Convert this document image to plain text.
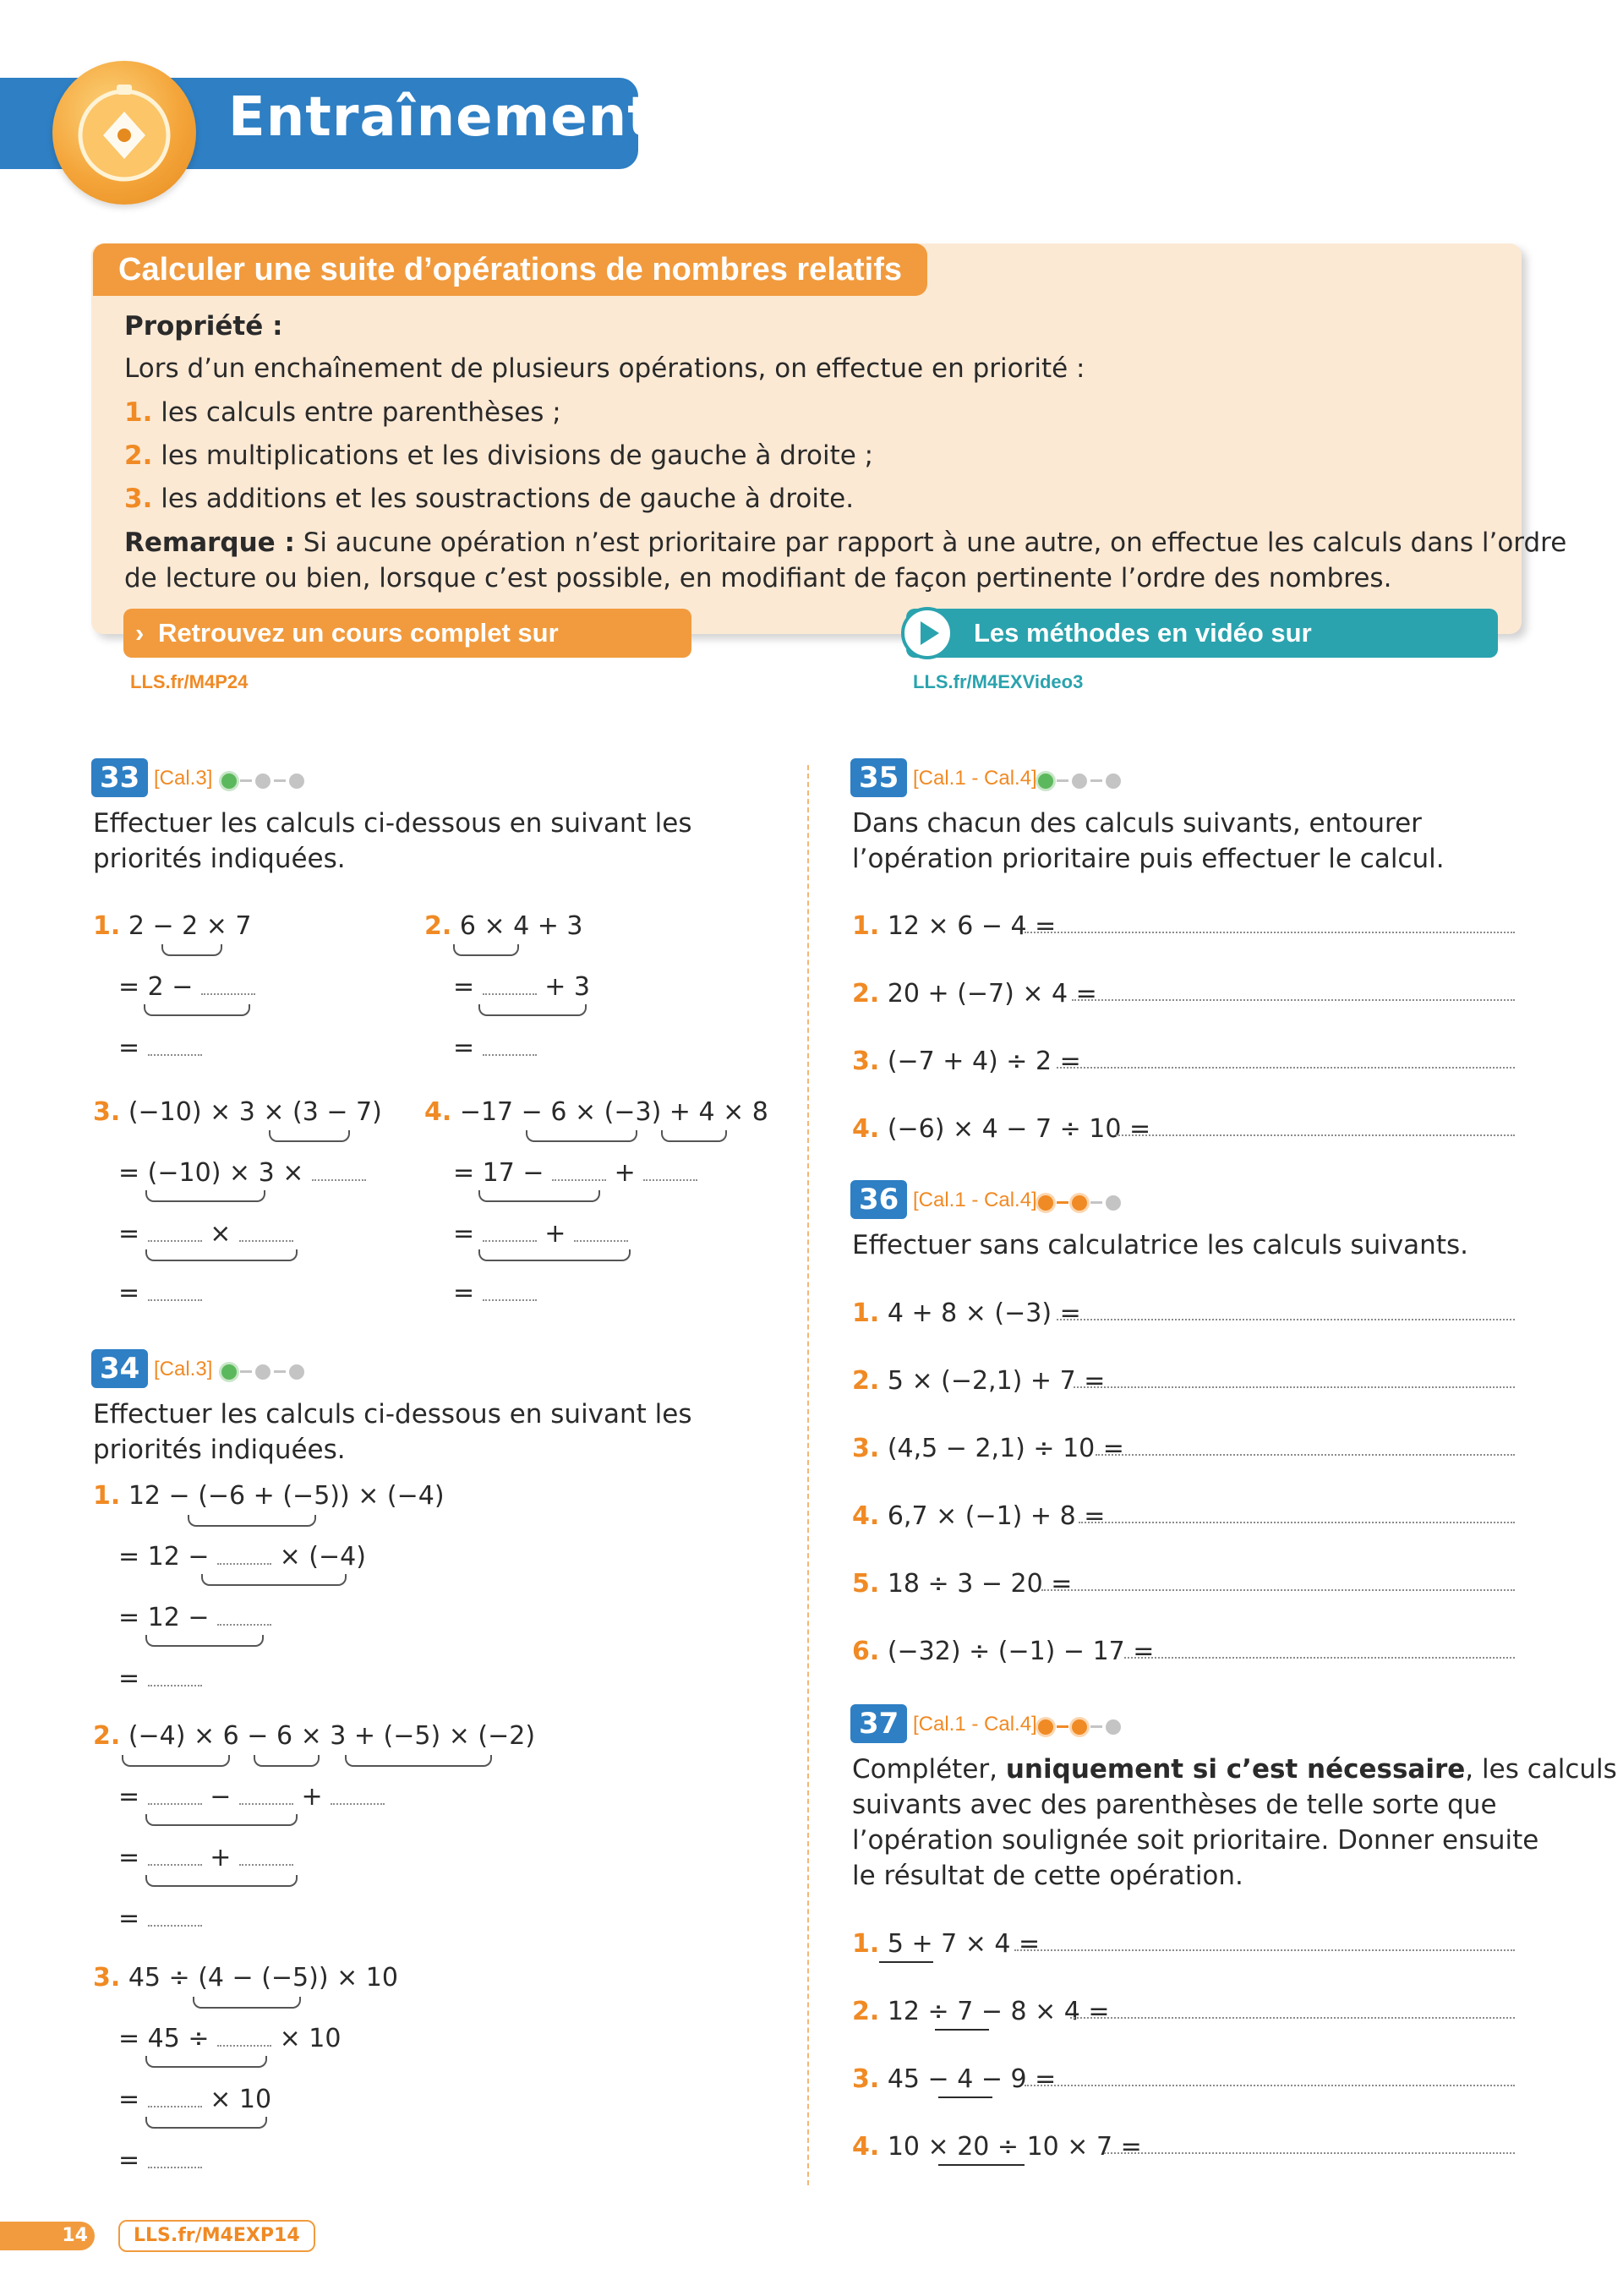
Entraînement
Calculer une suite d’opérations de nombres relatifs
Propriété :
Lors d’un enchaînement de plusieurs opérations, on effectue en priorité :
1. les calculs entre parenthèses ;
2. les multiplications et les divisions de gauche à droite ;
3. les additions et les soustractions de gauche à droite.
Remarque : Si aucune opération n’est prioritaire par rapport à une autre, on effectue les calculs dans l’ordre
de lecture ou bien, lorsque c’est possible, en modifiant de façon pertinente l’ordre des nombres.
› Retrouvez un cours complet sur LLS.fr/M4P24
Les méthodes en vidéo sur LLS.fr/M4EXVideo3
33 [Cal.3]
Effectuer les calculs ci-dessous en suivant les
priorités indiquées.
1. 2 − 2 × 7
= 2 −
=
2. 6 × 4 + 3
=	+ 3
=
3. (−10) × 3 × (3 − 7)
= (−10) × 3 ×
=	×
=
4. −17 − 6 × (−3) + 4 × 8
= 17 −	+
=	+
=
34 [Cal.3]
Effectuer les calculs ci-dessous en suivant les
priorités indiquées.
1. 12 − (−6 + (−5)) × (−4)
= 12 −	× (−4)
= 12 −
=
2. (−4) × 6 − 6 × 3 + (−5) × (−2)
=	−	+
=	+
=
3. 45 ÷ (4 − (−5)) × 10
= 45 ÷	× 10
=	× 10
=
35 [Cal.1 - Cal.4]
Dans chacun des calculs suivants, entourer
l’opération prioritaire puis effectuer le calcul.
1. 12 × 6 − 4 =
2. 20 + (−7) × 4 =
3. (−7 + 4) ÷ 2 =
4. (−6) × 4 − 7 ÷ 10 =
36 [Cal.1 - Cal.4]
Effectuer sans calculatrice les calculs suivants.
1. 4 + 8 × (−3) =
2. 5 × (−2,1) + 7 =
3. (4,5 − 2,1) ÷ 10 =
4. 6,7 × (−1) + 8 =
5. 18 ÷ 3 − 20 =
6. (−32) ÷ (−1) − 17 =
37 [Cal.1 - Cal.4]
Compléter, uniquement si c’est nécessaire, les calculs
suivants avec des parenthèses de telle sorte que
l’opération soulignée soit prioritaire. Donner ensuite
le résultat de cette opération.
1. 5 + 7 × 4 =
2. 12 ÷ 7 − 8 × 4 =
3. 45 − 4 − 9 =
4. 10 × 20 ÷ 10 × 7 =
14	LLS.fr/M4EXP14
